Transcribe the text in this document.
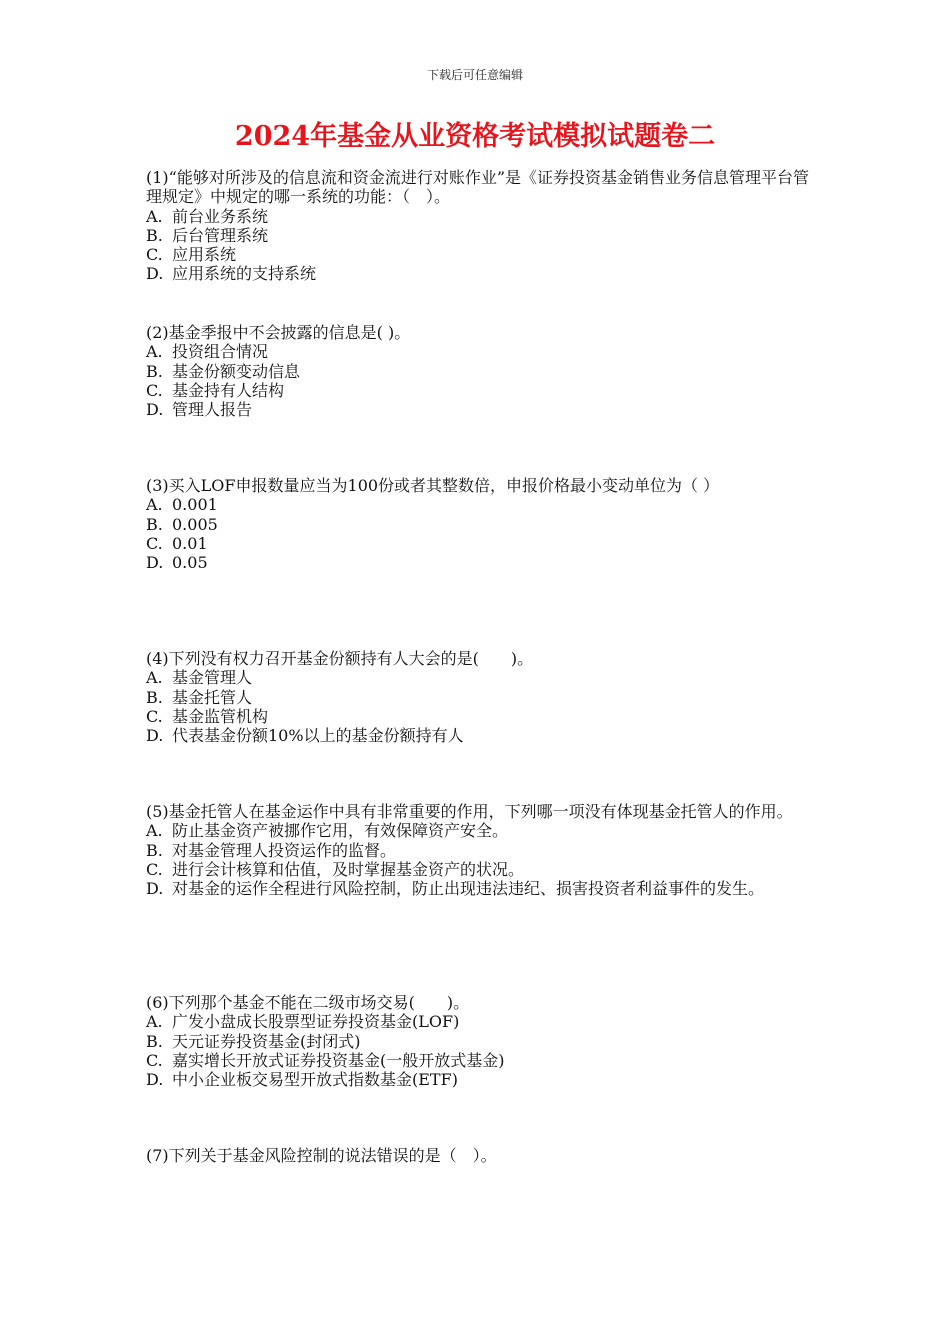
下载后可任意编辑
2024年基金从业资格考试模拟试题卷二

(1)“能够对所涉及的信息流和资金流进行对账作业”是《证券投资基金销售业务信息管理平台管理规定》中规定的哪一系统的功能：（　）。

A. 前台业务系统

B. 后台管理系统

C. 应用系统

D. 应用系统的支持系统

(2)基金季报中不会披露的信息是( )。

A. 投资组合情况

B. 基金份额变动信息

C. 基金持有人结构

D. 管理人报告

(3)买入LOF申报数量应当为100份或者其整数倍，申报价格最小变动单位为（ ）

A. 0.001

B. 0.005

C. 0.01

D. 0.05

(4)下列没有权力召开基金份额持有人大会的是(　　)。

A. 基金管理人

B. 基金托管人

C. 基金监管机构

D. 代表基金份额10%以上的基金份额持有人

(5)基金托管人在基金运作中具有非常重要的作用，下列哪一项没有体现基金托管人的作用。

A. 防止基金资产被挪作它用，有效保障资产安全。

B. 对基金管理人投资运作的监督。

C. 进行会计核算和估值，及时掌握基金资产的状况。

D. 对基金的运作全程进行风险控制，防止出现违法违纪、损害投资者利益事件的发生。

(6)下列那个基金不能在二级市场交易(　　)。

A. 广发小盘成长股票型证券投资基金(LOF)

B. 天元证券投资基金(封闭式)

C. 嘉实增长开放式证券投资基金(一般开放式基金)

D. 中小企业板交易型开放式指数基金(ETF)

(7)下列关于基金风险控制的说法错误的是（　）。
